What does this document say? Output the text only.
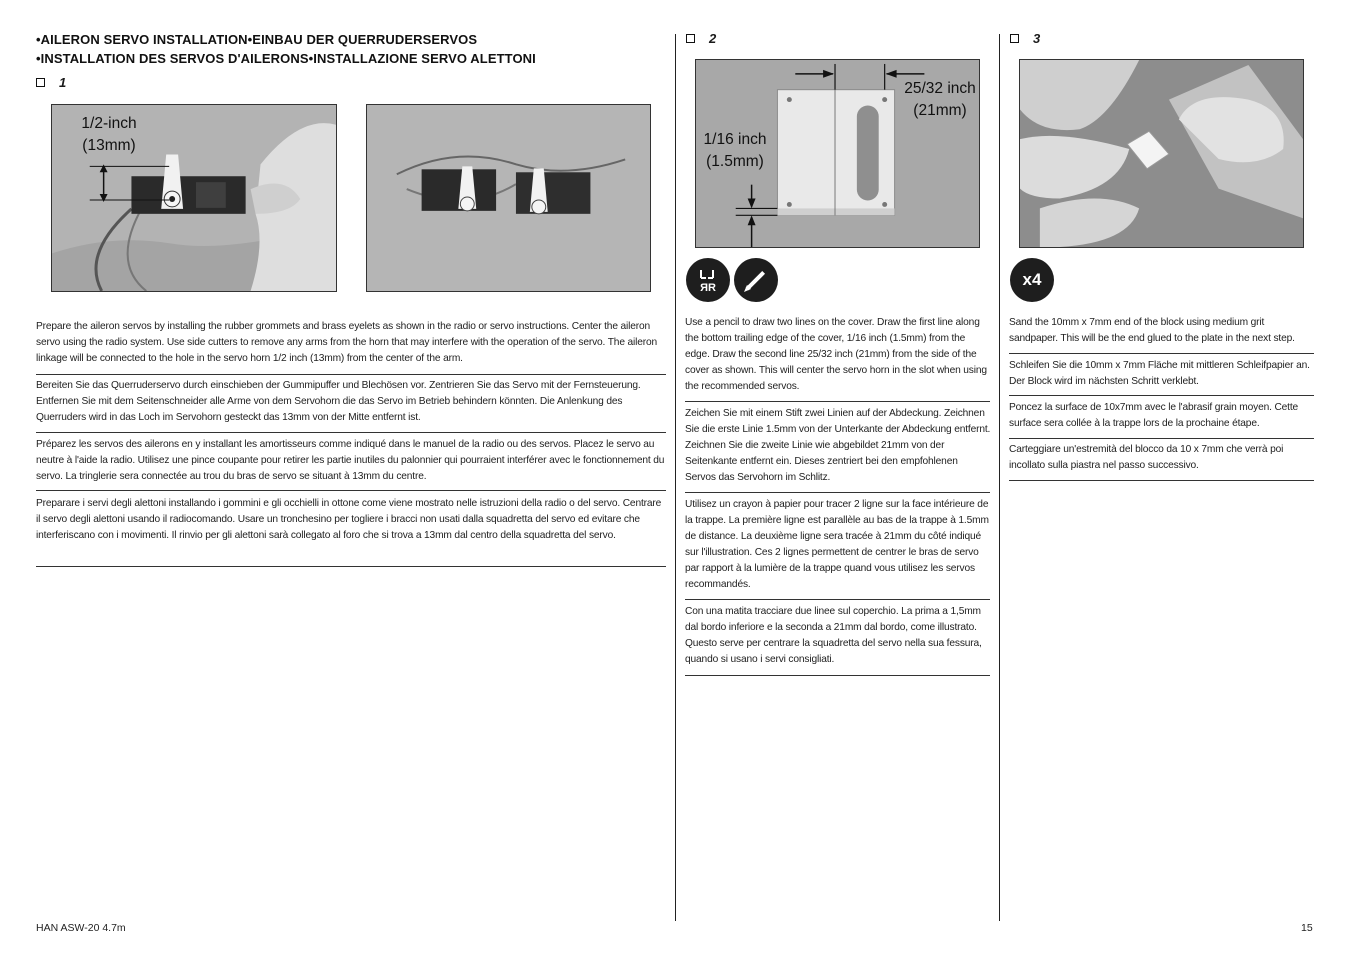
•AILERON SERVO INSTALLATION•EINBAU DER QUERRUDERSERVOS
•INSTALLATION DES SERVOS D'AILERONS•INSTALLAZIONE SERVO ALETTONI
1
2	3
1/2-inch
(13mm)
Prepare the aileron servos by installing the rubber grommets and brass eyelets as shown in the radio or servo instructions. Center the aileron servo using the radio system. Use side cutters to remove any arms from the horn that may interfere with the operation of the servo. The aileron linkage will be connected to the hole in the servo horn 1/2 inch (13mm) from the center of the arm.
Bereiten Sie das Querruderservo durch einschieben der Gummipuffer und Blechösen vor. Zentrieren Sie das Servo mit der Fernsteuerung. Entfernen Sie mit dem Seitenschneider alle Arme von dem Servohorn die das Servo im Betrieb behindern könnten. Die Anlenkung des Querruders wird in das Loch im Servohorn gesteckt das 13mm von der Mitte entfernt ist.
Préparez les servos des ailerons en y installant les amortisseurs comme indiqué dans le manuel de la radio ou des servos. Placez le servo au neutre à l'aide la radio. Utilisez une pince coupante pour retirer les partie inutiles du palonnier qui pourraient interférer avec le fonctionnement du servo. La tringlerie sera connectée au trou du bras de servo se situant à 13mm du centre.
Preparare i servi degli alettoni installando i gommini e gli occhielli in ottone come viene mostrato nelle istruzioni della radio o del servo. Centrare il servo degli alettoni usando il radiocomando. Usare un tronchesino per togliere i bracci non usati dalla squadretta del servo ed evitare che interferiscano con i movimenti. Il rinvio per gli alettoni sarà collegato al foro che si trova a 13mm dal centro della squadretta del servo.
25/32 inch
(21mm)
1/16 inch
(1.5mm)
ЯR
Use a pencil to draw two lines on the cover. Draw the first line along the bottom trailing edge of the cover, 1/16 inch (1.5mm) from the edge. Draw the second line 25/32 inch (21mm) from the side of the cover as shown. This will center the servo horn in the slot when using the recommended servos.
Zeichen Sie mit einem Stift zwei Linien auf der Abdeckung. Zeichnen Sie die erste Linie 1.5mm von der Unterkante der Abdeckung entfernt. Zeichnen Sie die zweite Linie wie abgebildet 21mm von der Seitenkante entfernt ein. Dieses zentriert bei den empfohlenen Servos das Servohorn im Schlitz.
Utilisez un crayon à papier pour tracer 2 ligne sur la face intérieure de la trappe. La première ligne est parallèle au bas de la trappe à 1.5mm de distance. La deuxième ligne sera tracée à 21mm du côté indiqué sur l'illustration. Ces 2 lignes permettent de centrer le bras de servo par rapport à la lumière de la trappe quand vous utilisez les servos recommandés.
Con una matita tracciare due linee sul coperchio. La prima a 1,5mm dal bordo inferiore e la seconda a 21mm dal bordo, come illustrato. Questo serve per centrare la squadretta del servo nella sua fessura, quando si usano i servi consigliati.
x4
Sand the 10mm x 7mm end of the block using medium grit sandpaper. This will be the end glued to the plate in the next step.
Schleifen Sie die 10mm x 7mm Fläche mit mittleren Schleifpapier an. Der Block wird im nächsten Schritt verklebt.
Poncez la surface de 10x7mm avec le l'abrasif grain moyen. Cette surface sera collée à la trappe lors de la prochaine étape.
Carteggiare un'estremità del blocco da 10 x 7mm che verrà poi incollato sulla piastra nel passo successivo.
HAN ASW-20 4.7m	15
